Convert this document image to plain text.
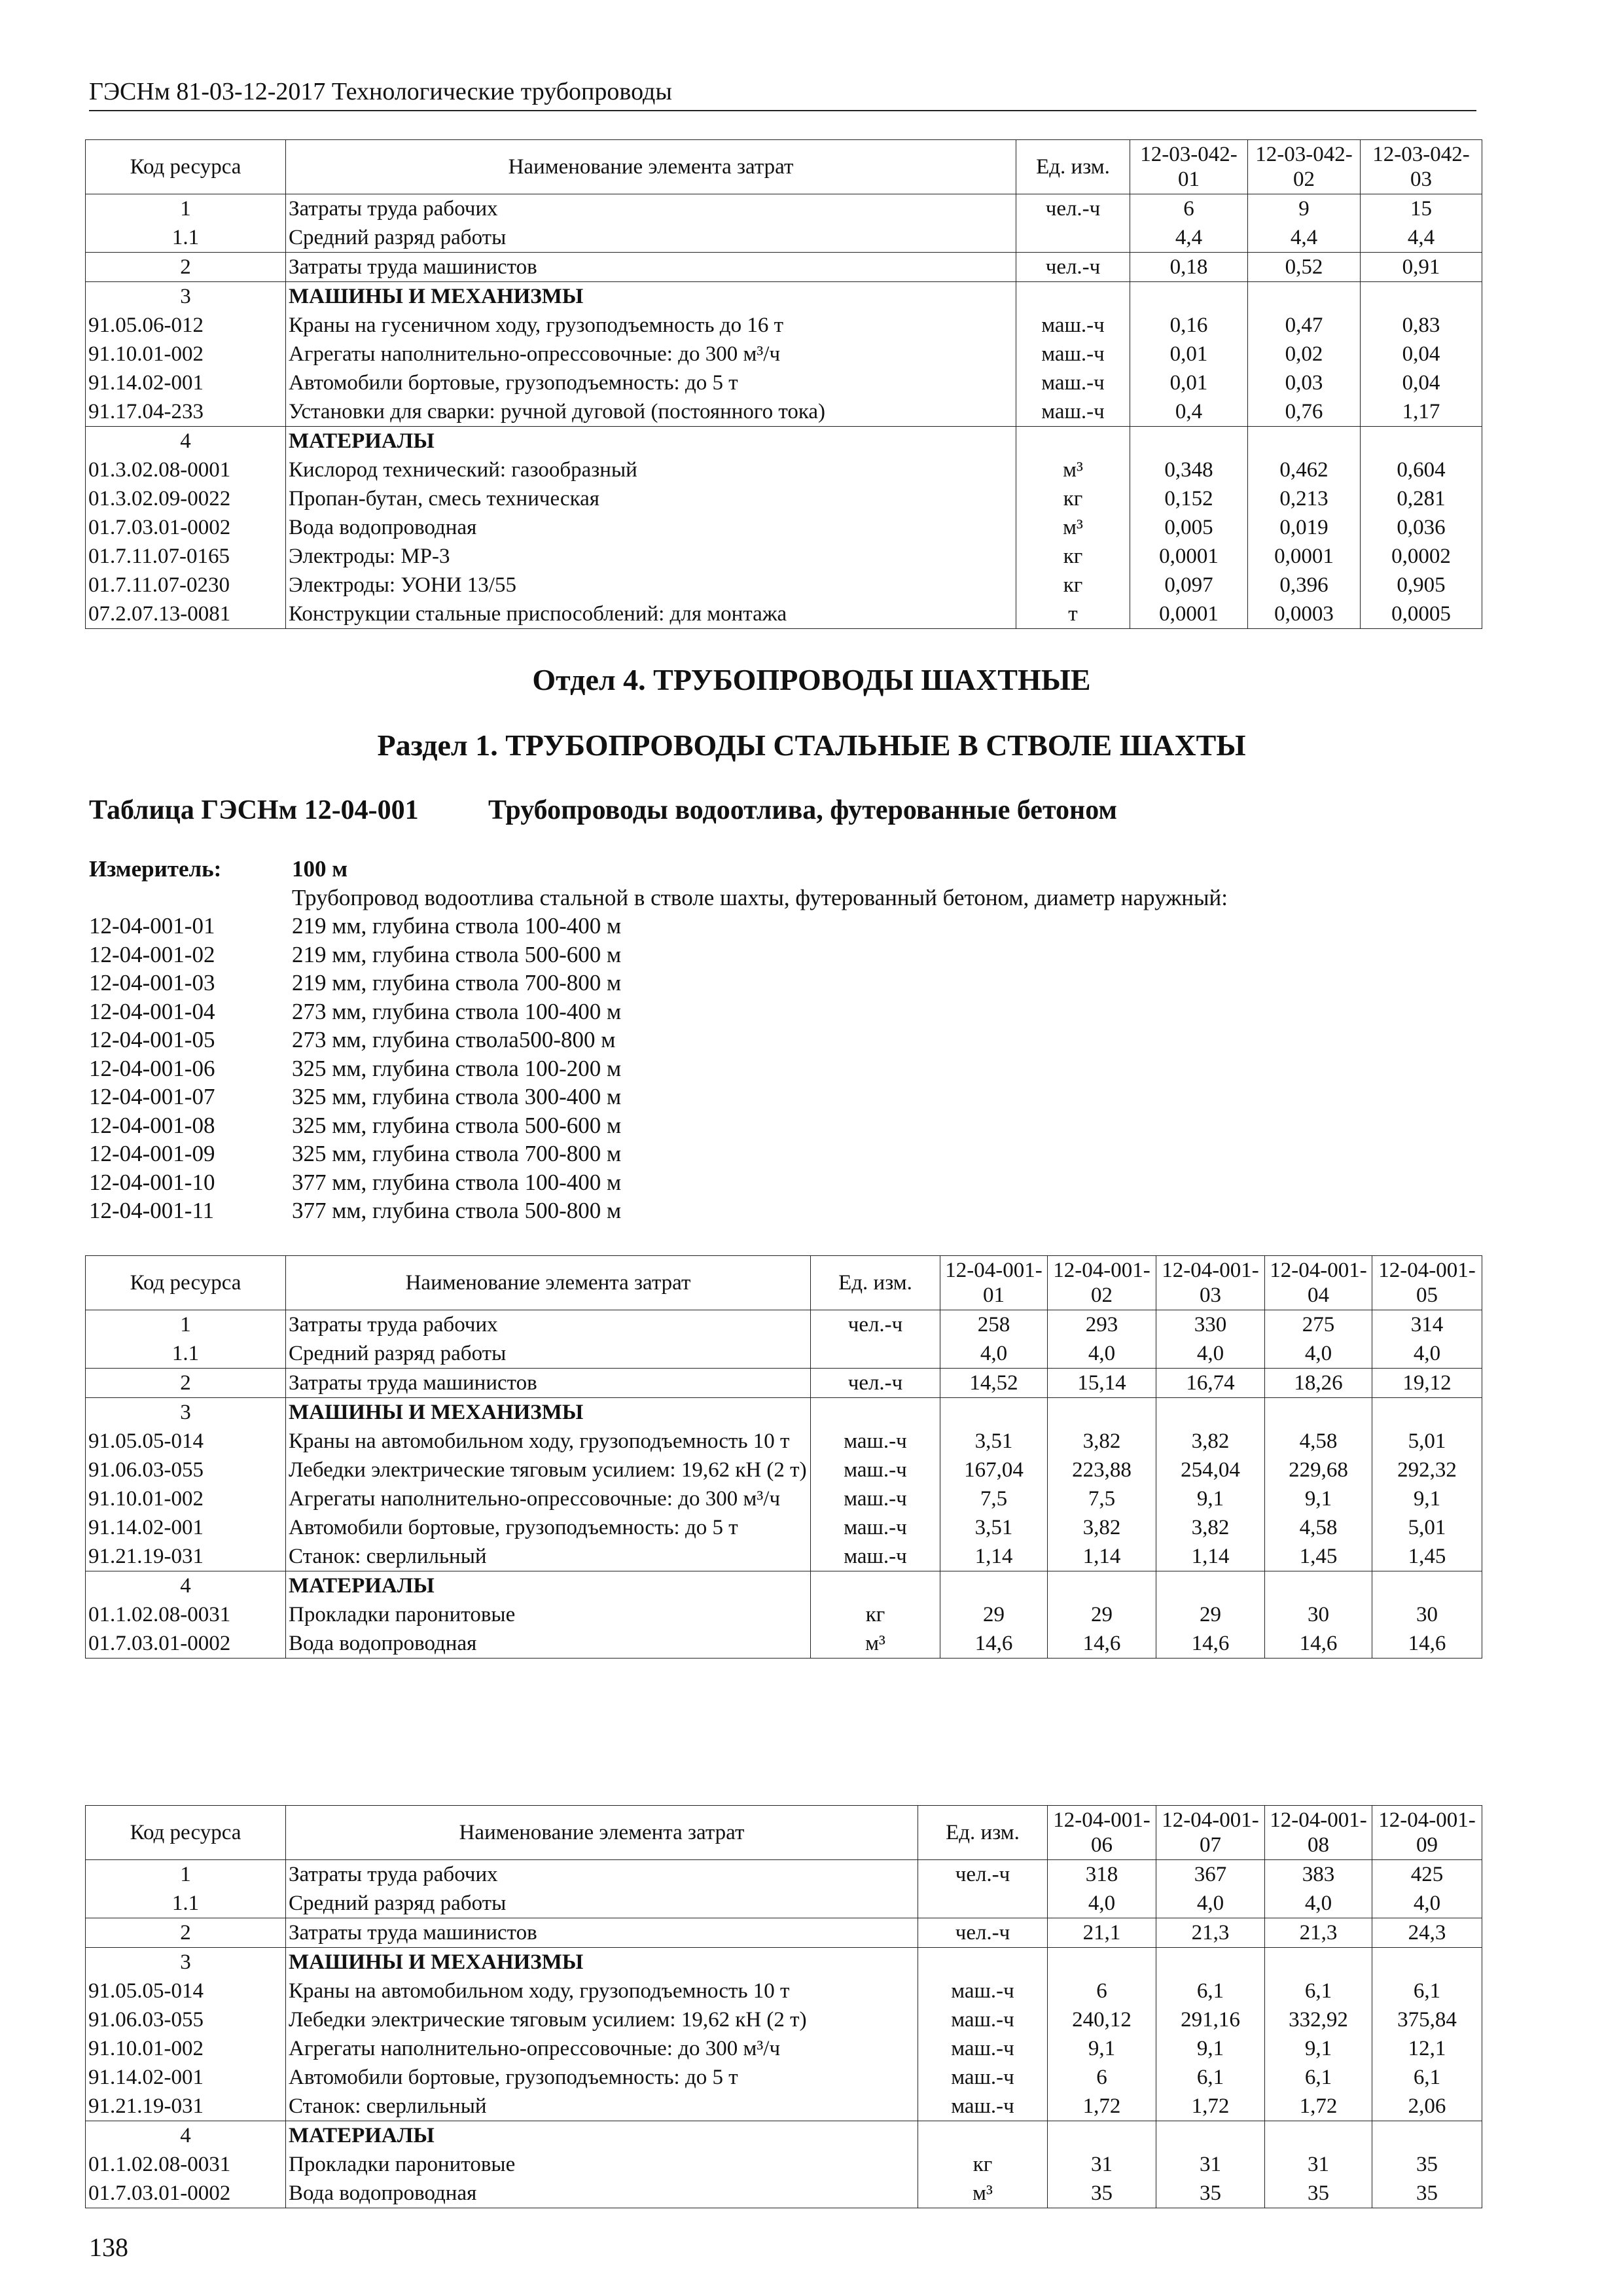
ГЭСНм 81-03-12-2017 Технологические трубопроводы
Код ресурса	Наименование элемента затрат	Ед. изм.	12-03-042-01	12-03-042-02	12-03-042-03
1	Затраты труда рабочих	чел.-ч	6	9	15
1.1	Средний разряд работы		4,4	4,4	4,4
2	Затраты труда машинистов	чел.-ч	0,18	0,52	0,91
3	МАШИНЫ И МЕХАНИЗМЫ				
91.05.06-012	Краны на гусеничном ходу, грузоподъемность до 16 т	маш.-ч	0,16	0,47	0,83
91.10.01-002	Агрегаты наполнительно-опрессовочные: до 300 м³/ч	маш.-ч	0,01	0,02	0,04
91.14.02-001	Автомобили бортовые, грузоподъемность: до 5 т	маш.-ч	0,01	0,03	0,04
91.17.04-233	Установки для сварки: ручной дуговой (постоянного тока)	маш.-ч	0,4	0,76	1,17
4	МАТЕРИАЛЫ				
01.3.02.08-0001	Кислород технический: газообразный	м³	0,348	0,462	0,604
01.3.02.09-0022	Пропан-бутан, смесь техническая	кг	0,152	0,213	0,281
01.7.03.01-0002	Вода водопроводная	м³	0,005	0,019	0,036
01.7.11.07-0165	Электроды: МР-3	кг	0,0001	0,0001	0,0002
01.7.11.07-0230	Электроды: УОНИ 13/55	кг	0,097	0,396	0,905
07.2.07.13-0081	Конструкции стальные приспособлений: для монтажа	т	0,0001	0,0003	0,0005
Отдел 4. ТРУБОПРОВОДЫ ШАХТНЫЕ
Раздел 1. ТРУБОПРОВОДЫ СТАЛЬНЫЕ В СТВОЛЕ ШАХТЫ
Таблица ГЭСНм 12-04-001	Трубопроводы водоотлива, футерованные бетоном
Измеритель:	100 м
Трубопровод водоотлива стальной в стволе шахты, футерованный бетоном, диаметр наружный:
12-04-001-01	219 мм, глубина ствола 100-400 м
12-04-001-02	219 мм, глубина ствола 500-600 м
12-04-001-03	219 мм, глубина ствола 700-800 м
12-04-001-04	273 мм, глубина ствола 100-400 м
12-04-001-05	273 мм, глубина ствола500-800 м
12-04-001-06	325 мм, глубина ствола 100-200 м
12-04-001-07	325 мм, глубина ствола 300-400 м
12-04-001-08	325 мм, глубина ствола 500-600 м
12-04-001-09	325 мм, глубина ствола 700-800 м
12-04-001-10	377 мм, глубина ствола 100-400 м
12-04-001-11	377 мм, глубина ствола 500-800 м
Код ресурса	Наименование элемента затрат	Ед. изм.	12-04-001-01	12-04-001-02	12-04-001-03	12-04-001-04	12-04-001-05
1	Затраты труда рабочих	чел.-ч	258	293	330	275	314
1.1	Средний разряд работы		4,0	4,0	4,0	4,0	4,0
2	Затраты труда машинистов	чел.-ч	14,52	15,14	16,74	18,26	19,12
3	МАШИНЫ И МЕХАНИЗМЫ						
91.05.05-014	Краны на автомобильном ходу, грузоподъемность 10 т	маш.-ч	3,51	3,82	3,82	4,58	5,01
91.06.03-055	Лебедки электрические тяговым усилием: 19,62 кН (2 т)	маш.-ч	167,04	223,88	254,04	229,68	292,32
91.10.01-002	Агрегаты наполнительно-опрессовочные: до 300 м³/ч	маш.-ч	7,5	7,5	9,1	9,1	9,1
91.14.02-001	Автомобили бортовые, грузоподъемность: до 5 т	маш.-ч	3,51	3,82	3,82	4,58	5,01
91.21.19-031	Станок: сверлильный	маш.-ч	1,14	1,14	1,14	1,45	1,45
4	МАТЕРИАЛЫ						
01.1.02.08-0031	Прокладки паронитовые	кг	29	29	29	30	30
01.7.03.01-0002	Вода водопроводная	м³	14,6	14,6	14,6	14,6	14,6
Код ресурса	Наименование элемента затрат	Ед. изм.	12-04-001-06	12-04-001-07	12-04-001-08	12-04-001-09
1	Затраты труда рабочих	чел.-ч	318	367	383	425
1.1	Средний разряд работы		4,0	4,0	4,0	4,0
2	Затраты труда машинистов	чел.-ч	21,1	21,3	21,3	24,3
3	МАШИНЫ И МЕХАНИЗМЫ					
91.05.05-014	Краны на автомобильном ходу, грузоподъемность 10 т	маш.-ч	6	6,1	6,1	6,1
91.06.03-055	Лебедки электрические тяговым усилием: 19,62 кН (2 т)	маш.-ч	240,12	291,16	332,92	375,84
91.10.01-002	Агрегаты наполнительно-опрессовочные: до 300 м³/ч	маш.-ч	9,1	9,1	9,1	12,1
91.14.02-001	Автомобили бортовые, грузоподъемность: до 5 т	маш.-ч	6	6,1	6,1	6,1
91.21.19-031	Станок: сверлильный	маш.-ч	1,72	1,72	1,72	2,06
4	МАТЕРИАЛЫ					
01.1.02.08-0031	Прокладки паронитовые	кг	31	31	31	35
01.7.03.01-0002	Вода водопроводная	м³	35	35	35	35
138
